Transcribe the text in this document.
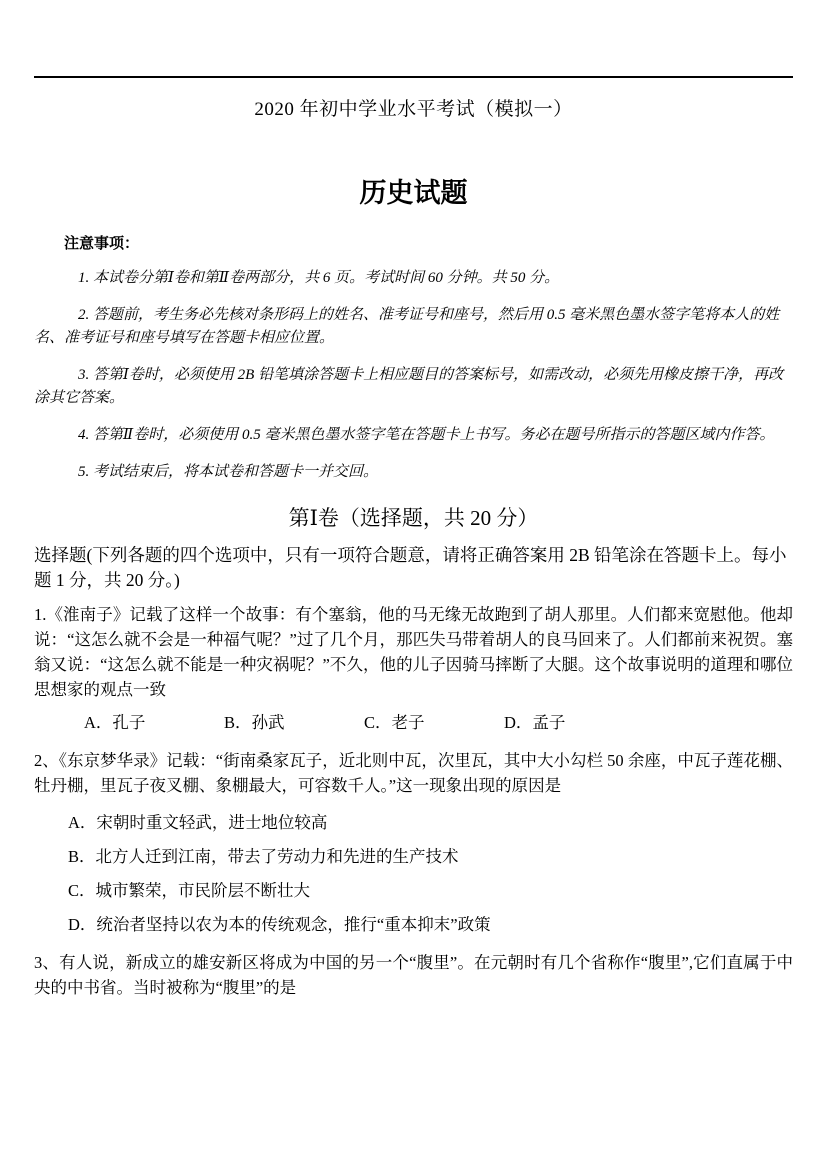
2020 年初中学业水平考试（模拟一）
历史试题
注意事项：

1. 本试卷分第Ⅰ卷和第Ⅱ卷两部分，共 6 页。考试时间 60 分钟。共 50 分。

2. 答题前，考生务必先核对条形码上的姓名、准考证号和座号，然后用 0.5 毫米黑色墨水签字笔将本人的姓名、准考证号和座号填写在答题卡相应位置。

3. 答第Ⅰ卷时，必须使用 2B 铅笔填涂答题卡上相应题目的答案标号，如需改动，必须先用橡皮擦干净，再改涂其它答案。

4. 答第Ⅱ卷时，必须使用 0.5 毫米黑色墨水签字笔在答题卡上书写。务必在题号所指示的答题区域内作答。

5. 考试结束后，将本试卷和答题卡一并交回。

第Ⅰ卷（选择题，共 20 分）
选择题(下列各题的四个选项中，只有一项符合题意，请将正确答案用 2B 铅笔涂在答题卡上。每小题 1 分，共 20 分。)

1.《淮南子》记载了这样一个故事：有个塞翁，他的马无缘无故跑到了胡人那里。人们都来宽慰他。他却说：“这怎么就不会是一种福气呢？”过了几个月，那匹失马带着胡人的良马回来了。人们都前来祝贺。塞翁又说：“这怎么就不能是一种灾祸呢？”不久，他的儿子因骑马摔断了大腿。这个故事说明的道理和哪位思想家的观点一致

A．孔子	B．孙武	C．老子	D．孟子

2、《东京梦华录》记载：“街南桑家瓦子，近北则中瓦，次里瓦，其中大小勾栏 50 余座，中瓦子莲花棚、牡丹棚，里瓦子夜叉棚、象棚最大，可容数千人。”这一现象出现的原因是

A．宋朝时重文轻武，进士地位较高
B．北方人迁到江南，带去了劳动力和先进的生产技术
C．城市繁荣，市民阶层不断壮大
D．统治者坚持以农为本的传统观念，推行“重本抑末”政策

3、有人说，新成立的雄安新区将成为中国的另一个“腹里”。在元朝时有几个省称作“腹里”,它们直属于中央的中书省。当时被称为“腹里”的是
